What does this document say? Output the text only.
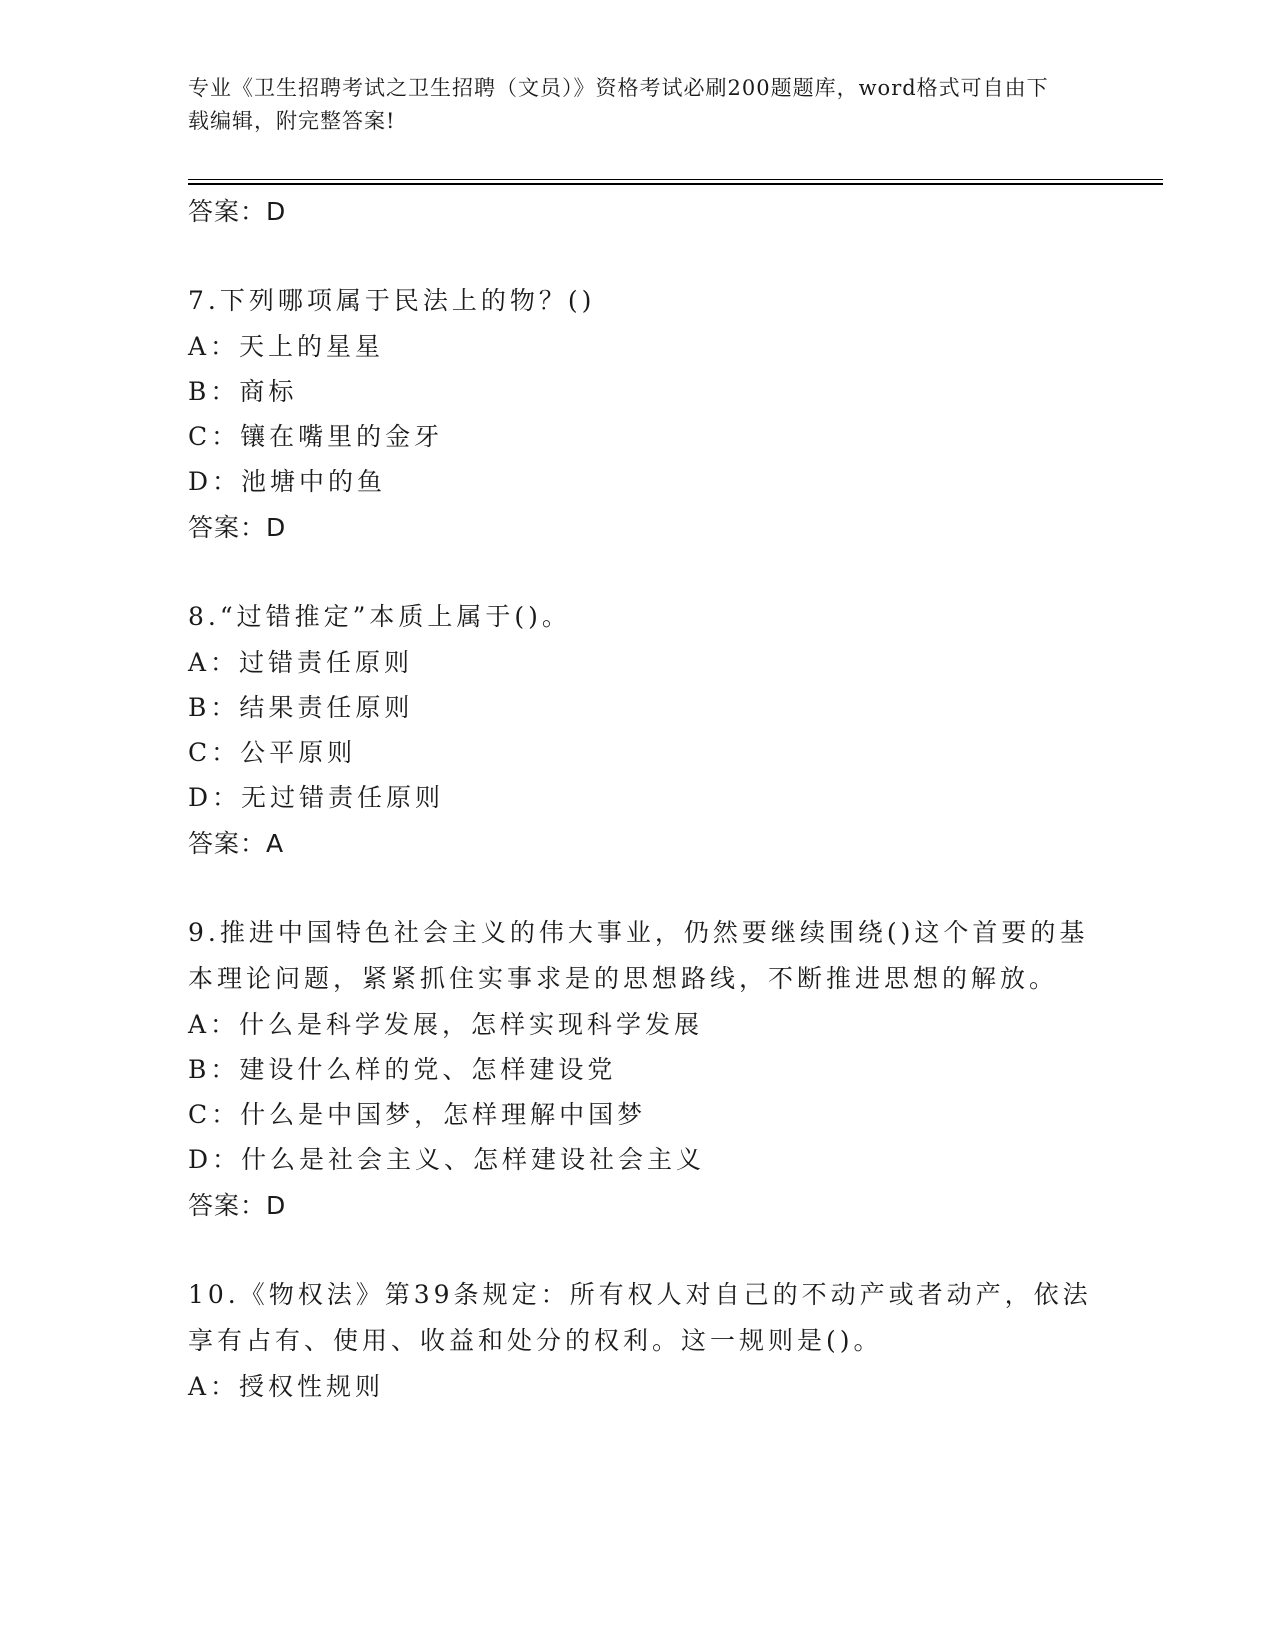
专业《卫生招聘考试之卫生招聘（文员）》资格考试必刷200题题库，word格式可自由下载编辑，附完整答案!
答案：D
7.下列哪项属于民法上的物？()
A：天上的星星
B：商标
C：镶在嘴里的金牙
D：池塘中的鱼
答案：D
8.“过错推定”本质上属于()。
A：过错责任原则
B：结果责任原则
C：公平原则
D：无过错责任原则
答案：A
9.推进中国特色社会主义的伟大事业，仍然要继续围绕()这个首要的基本理论问题，紧紧抓住实事求是的思想路线，不断推进思想的解放。
A：什么是科学发展，怎样实现科学发展
B：建设什么样的党、怎样建设党
C：什么是中国梦，怎样理解中国梦
D：什么是社会主义、怎样建设社会主义
答案：D
10.《物权法》第39条规定：所有权人对自己的不动产或者动产，依法享有占有、使用、收益和处分的权利。这一规则是()。
A：授权性规则
